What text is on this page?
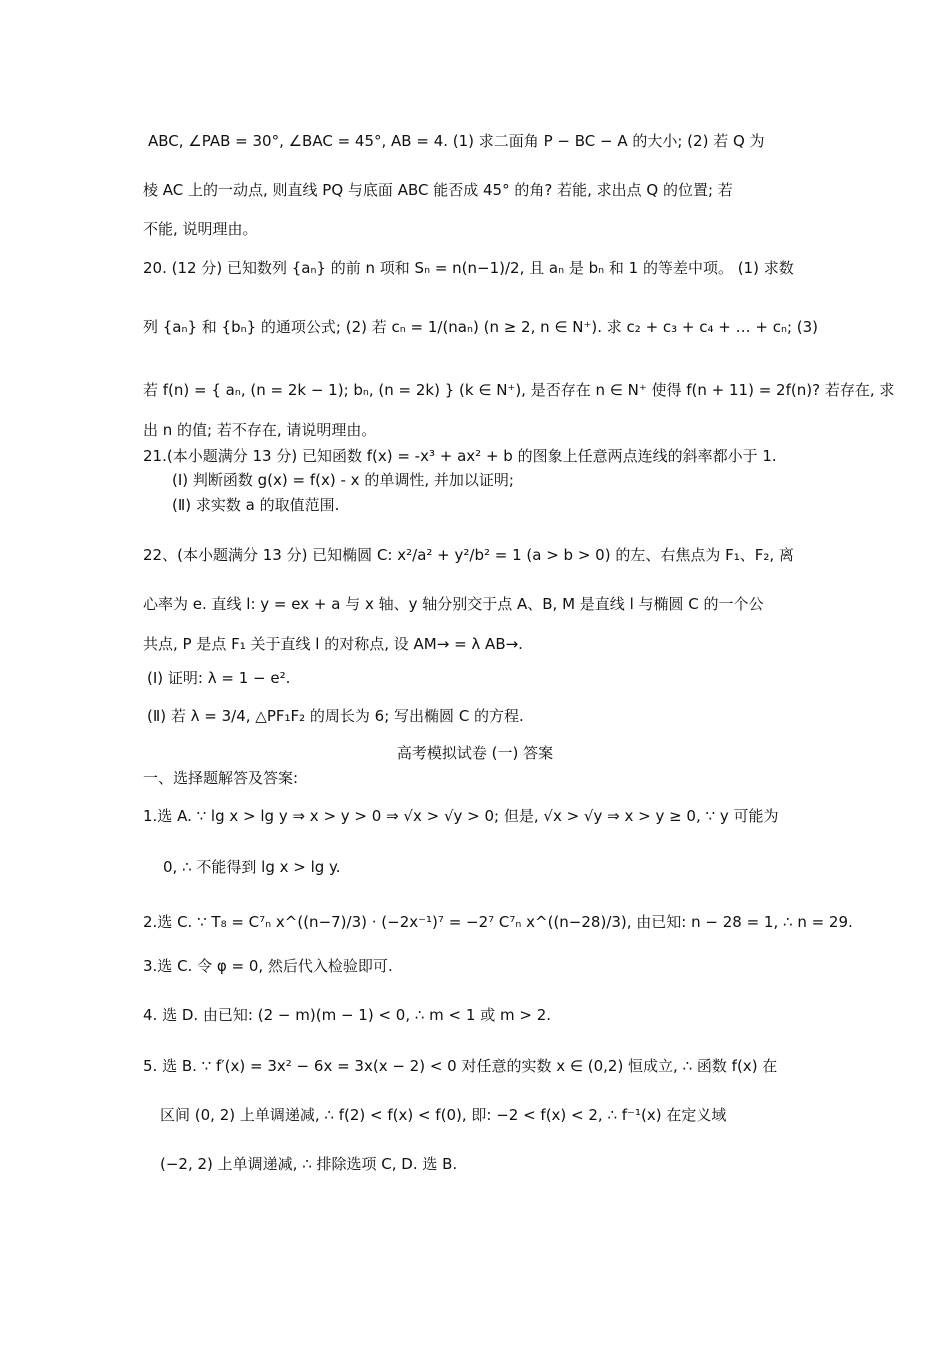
ABC, ∠PAB = 30°, ∠BAC = 45°, AB = 4. (1) 求二面角 P − BC − A 的大小; (2) 若 Q 为
棱 AC 上的一动点, 则直线 PQ 与底面 ABC 能否成 45° 的角? 若能, 求出点 Q 的位置; 若
不能, 说明理由。
20. (12 分) 已知数列 {aₙ} 的前 n 项和 Sₙ = n(n−1)/2, 且 aₙ 是 bₙ 和 1 的等差中项。 (1) 求数
列 {aₙ} 和 {bₙ} 的通项公式; (2) 若 cₙ = 1/(naₙ) (n ≥ 2, n ∈ N⁺). 求 c₂ + c₃ + c₄ + … + cₙ; (3)
若 f(n) = { aₙ, (n = 2k − 1); bₙ, (n = 2k) } (k ∈ N⁺), 是否存在 n ∈ N⁺ 使得 f(n + 11) = 2f(n)? 若存在, 求
出 n 的值; 若不存在, 请说明理由。
21.(本小题满分 13 分) 已知函数 f(x) = -x³ + ax² + b 的图象上任意两点连线的斜率都小于 1.
(Ⅰ) 判断函数 g(x) = f(x) - x 的单调性, 并加以证明;
(Ⅱ) 求实数 a 的取值范围.
22、(本小题满分 13 分) 已知椭圆 C: x²/a² + y²/b² = 1 (a > b > 0) 的左、右焦点为 F₁、F₂, 离
心率为 e. 直线 l: y = ex + a 与 x 轴、y 轴分别交于点 A、B, M 是直线 l 与椭圆 C 的一个公
共点, P 是点 F₁ 关于直线 l 的对称点, 设 AM→ = λ AB→.
(Ⅰ) 证明: λ = 1 − e².
(Ⅱ) 若 λ = 3/4, △PF₁F₂ 的周长为 6; 写出椭圆 C 的方程.
高考模拟试卷 (一) 答案
一、选择题解答及答案:
1.选 A. ∵ lg x > lg y ⇒ x > y > 0 ⇒ √x > √y > 0; 但是, √x > √y ⇒ x > y ≥ 0, ∵ y 可能为
0, ∴ 不能得到 lg x > lg y.
2.选 C. ∵ T₈ = C⁷ₙ x^((n−7)/3) · (−2x⁻¹)⁷ = −2⁷ C⁷ₙ x^((n−28)/3), 由已知: n − 28 = 1, ∴ n = 29.
3.选 C. 令 φ = 0, 然后代入检验即可.
4. 选 D. 由已知: (2 − m)(m − 1) < 0, ∴ m < 1 或 m > 2.
5. 选 B. ∵ f′(x) = 3x² − 6x = 3x(x − 2) < 0 对任意的实数 x ∈ (0,2) 恒成立, ∴ 函数 f(x) 在
区间 (0, 2) 上单调递减, ∴ f(2) < f(x) < f(0), 即: −2 < f(x) < 2, ∴ f⁻¹(x) 在定义域
(−2, 2) 上单调递减, ∴ 排除选项 C, D. 选 B.
